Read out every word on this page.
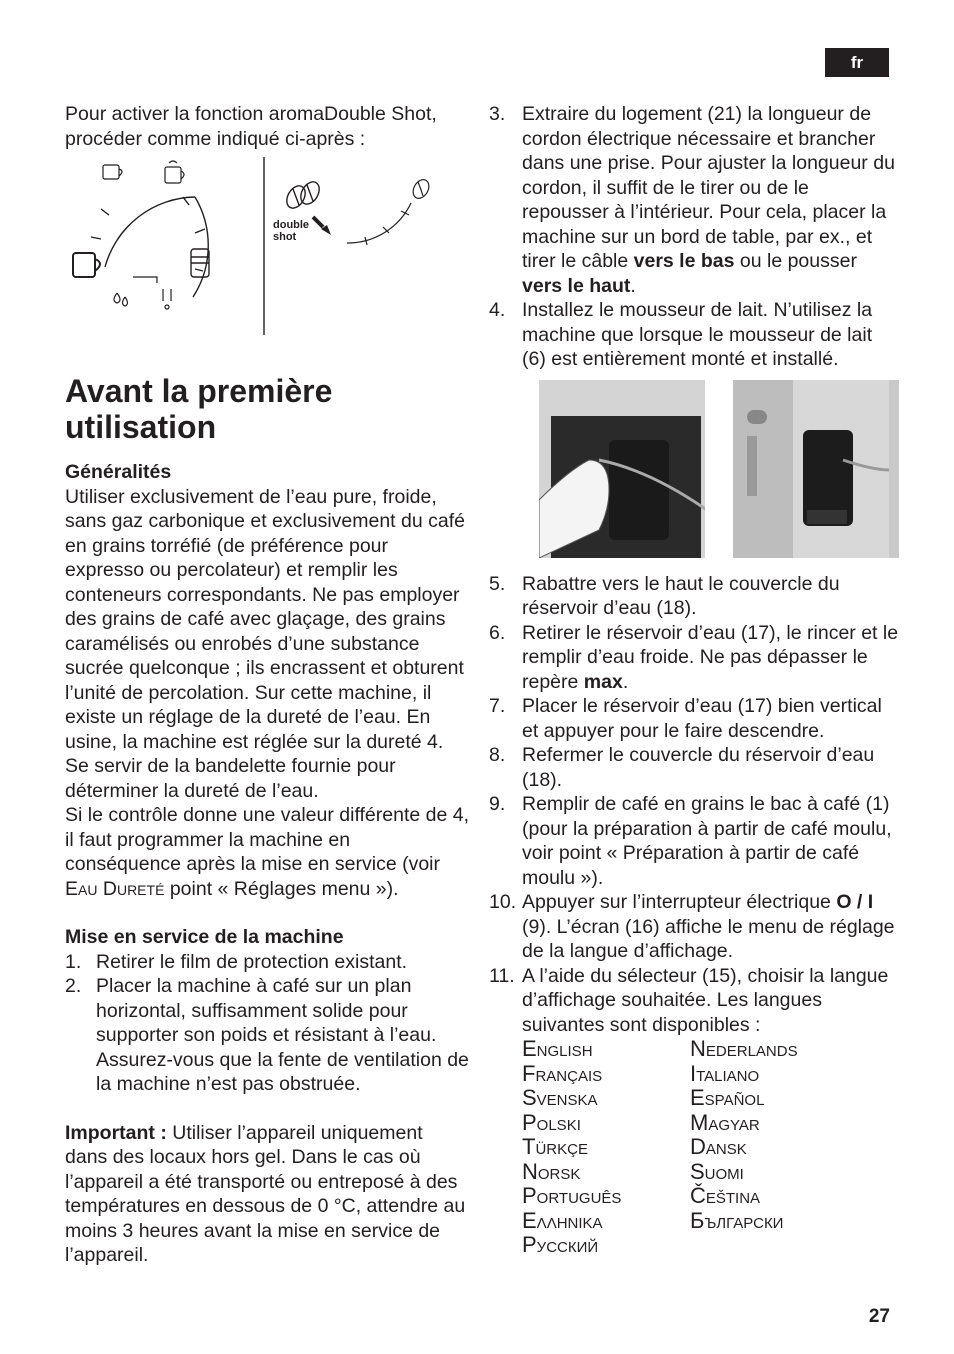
fr

Pour activer la fonction aromaDouble Shot, procéder comme indiqué ci-après :

double
shot
Avant la première utilisation
Généralités

Utiliser exclusivement de l’eau pure, froide, sans gaz carbonique et exclusivement du café en grains torréfié (de préférence pour expresso ou percolateur) et remplir les conteneurs correspondants. Ne pas employer des grains de café avec glaçage, des grains caramélisés ou enrobés d’une substance sucrée quelconque ; ils encrassent et obturent l’unité de percolation. Sur cette machine, il existe un réglage de la dureté de l’eau. En usine, la machine est réglée sur la dureté 4. Se servir de la bandelette fournie pour déterminer la dureté de l’eau.

Si le contrôle donne une valeur différente de 4, il faut programmer la machine en conséquence après la mise en service (voir Eau Dureté point « Réglages menu »).

Mise en service de la machine
1. Retirer le film de protection existant.
2. Placer la machine à café sur un plan horizontal, suffisamment solide pour supporter son poids et résistant à l’eau. Assurez-vous que la fente de ventilation de la machine n’est pas obstruée.

Important : Utiliser l’appareil uniquement dans des locaux hors gel. Dans le cas où l’appareil a été transporté ou entreposé à des températures en dessous de 0 °C, attendre au moins 3 heures avant la mise en service de l’appareil.

3. Extraire du logement (21) la longueur de cordon électrique nécessaire et brancher dans une prise. Pour ajuster la longueur du cordon, il suffit de le tirer ou de le repousser à l’intérieur. Pour cela, placer la machine sur un bord de table, par ex., et tirer le câble vers le bas ou le pousser vers le haut.
4. Installez le mousseur de lait. N’utilisez la machine que lorsque le mousseur de lait (6) est entièrement monté et installé.
5. Rabattre vers le haut le couvercle du réservoir d’eau (18).
6. Retirer le réservoir d’eau (17), le rincer et le remplir d’eau froide. Ne pas dépasser le repère max.
7. Placer le réservoir d’eau (17) bien vertical et appuyer pour le faire descendre.
8. Refermer le couvercle du réservoir d’eau (18).
9. Remplir de café en grains le bac à café (1) (pour la préparation à partir de café moulu, voir point « Préparation à partir de café moulu »).
10. Appuyer sur l’interrupteur électrique O / I (9). L’écran (16) affiche le menu de réglage de la langue d’affichage.
11. A l’aide du sélecteur (15), choisir la langue d’affichage souhaitée. Les langues suivantes sont disponibles :
English	Nederlands
Français	Italiano
Svenska	Español
Polski	Magyar
Türkçe	Dansk
Norsk	Suomi
Português	Čeština
Ελληνικα	Български
Русский
27
